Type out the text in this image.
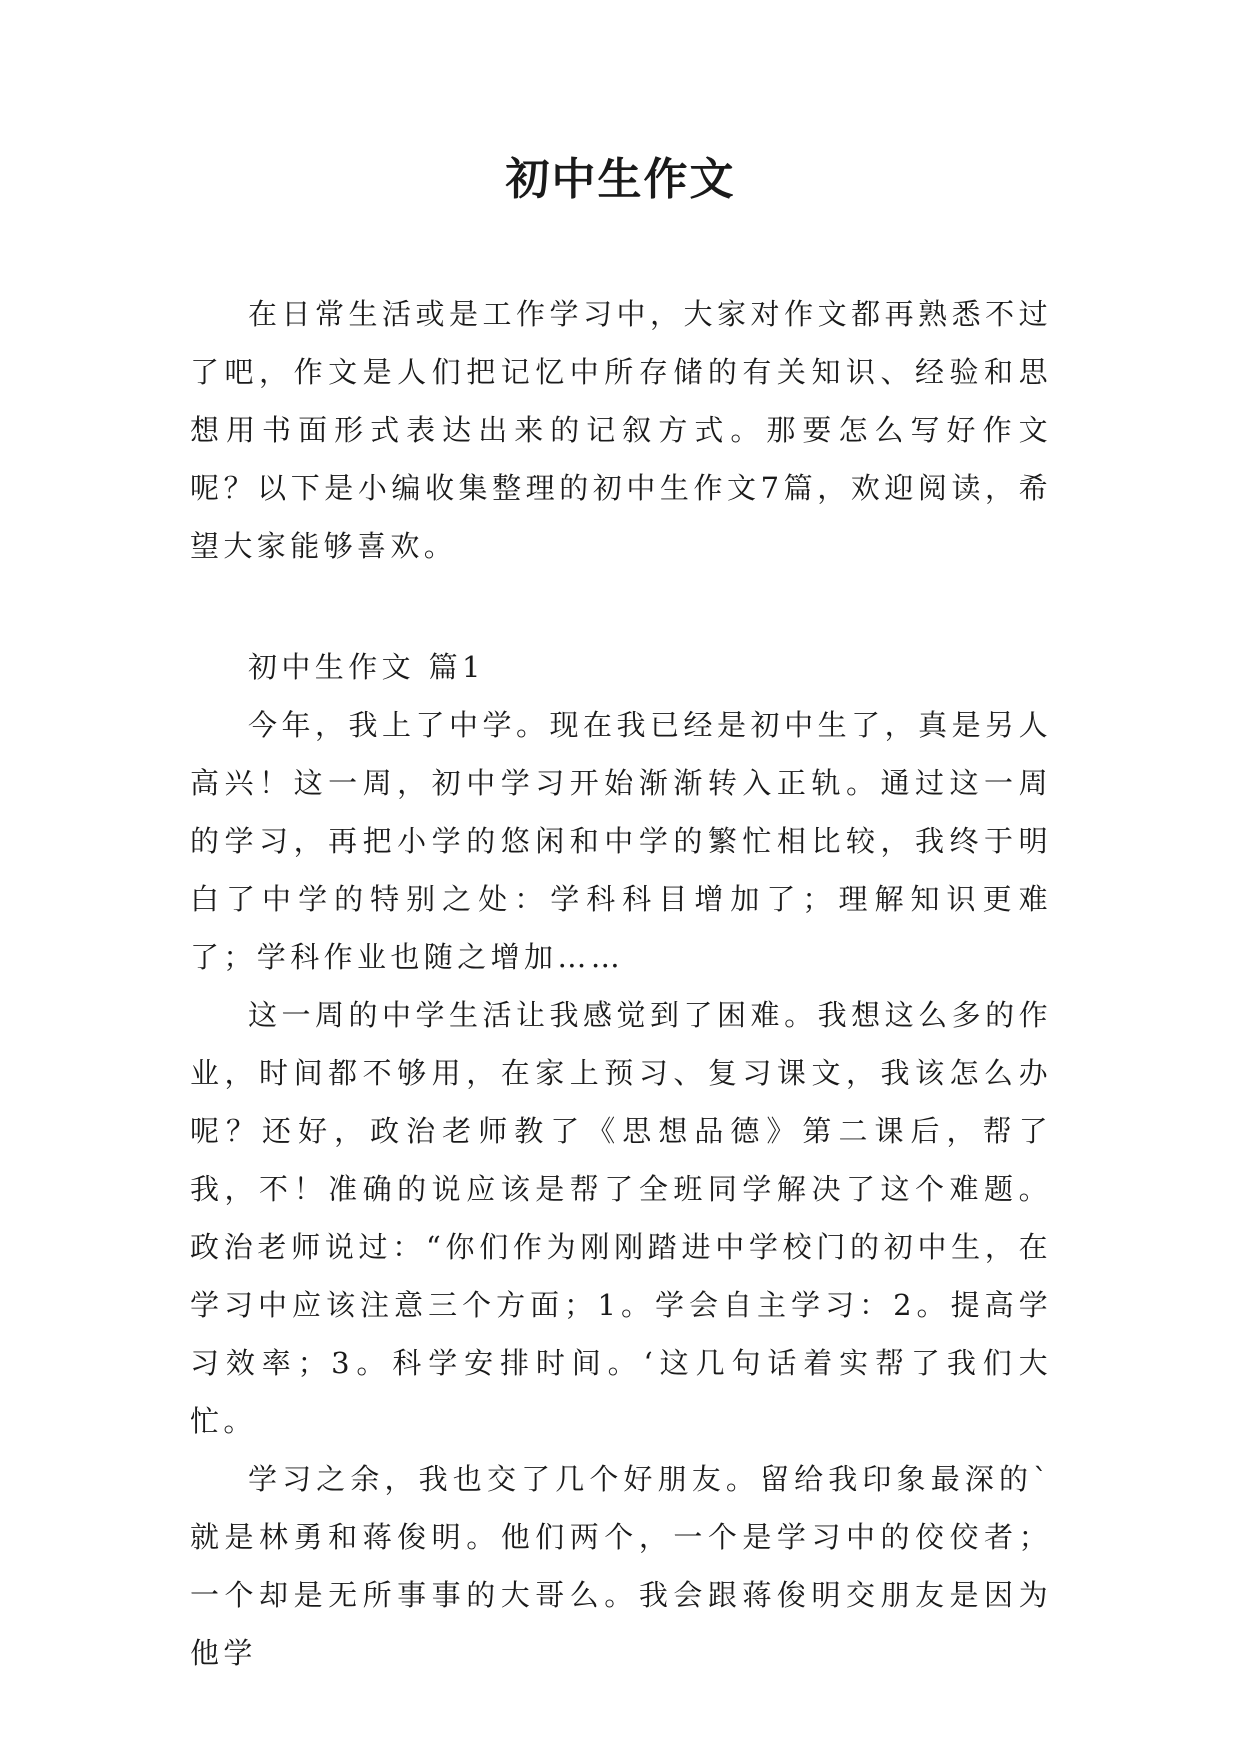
初中生作文

在日常生活或是工作学习中，大家对作文都再熟悉不过了吧，作文是人们把记忆中所存储的有关知识、经验和思想用书面形式表达出来的记叙方式。那要怎么写好作文呢？以下是小编收集整理的初中生作文7篇，欢迎阅读，希望大家能够喜欢。

初中生作文 篇1

今年，我上了中学。现在我已经是初中生了，真是另人高兴！这一周，初中学习开始渐渐转入正轨。通过这一周的学习，再把小学的悠闲和中学的繁忙相比较，我终于明白了中学的特别之处：学科科目增加了；理解知识更难了；学科作业也随之增加……

这一周的中学生活让我感觉到了困难。我想这么多的作业，时间都不够用，在家上预习、复习课文，我该怎么办呢？还好，政治老师教了《思想品德》第二课后，帮了我，不！准确的说应该是帮了全班同学解决了这个难题。政治老师说过：“你们作为刚刚踏进中学校门的初中生，在学习中应该注意三个方面；1。学会自主学习：2。提高学习效率；3。科学安排时间。‘这几句话着实帮了我们大忙。

学习之余，我也交了几个好朋友。留给我印象最深的`就是林勇和蒋俊明。他们两个，一个是学习中的佼佼者；一个却是无所事事的大哥么。我会跟蒋俊明交朋友是因为他学
